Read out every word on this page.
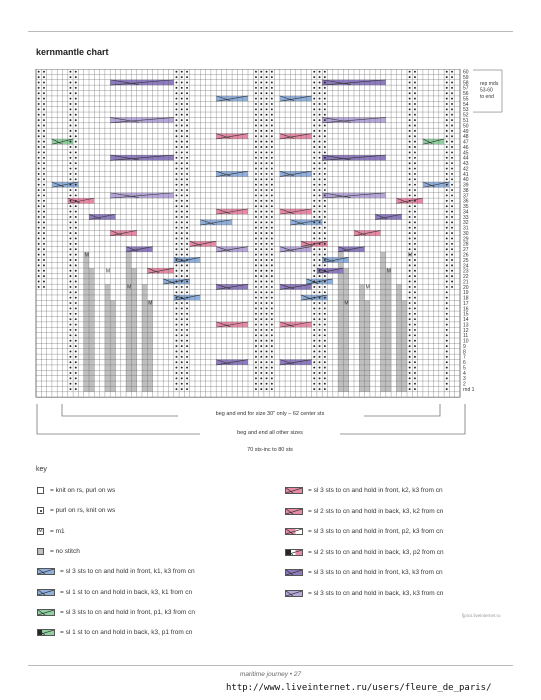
kernmantle chart
M	M
M	M
M	M
M	M
60
59
58
57
56
55
54
53
52
51
50
49
48
47
46
45
44
43
42
41
40
39
38
37
36
35
34
33
32
31
30
29
28
27
26
25
24
23
22
21
20
19
18
17
16
15
14
13
12
11
10
9
8
7
6
5
4
3
2
rnd 1
rep rnds
53-60
to end
beg and end for size 30" only – 62 center sts
beg and end all other sizes
70 sts-inc to 80 sts
key
= knit on rs, purl on ws
= purl on rs, knit on ws
M = m1
= no stitch
= sl 3 sts to cn and hold in front, k1, k3 from cn
= sl 1 st to cn and hold in back, k3, k1 from cn
= sl 3 sts to cn and hold in front, p1, k3 from cn
= sl 1 st to cn and hold in back, k3, p1 from cn
= sl 3 sts to cn and hold in front, k2, k3 from cn
= sl 2 sts to cn and hold in back, k3, k2 from cn
= sl 3 sts to cn and hold in front, p2, k3 from cn
= sl 2 sts to cn and hold in back, k3, p2 from cn
= sl 3 sts to cn and hold in front, k3, k3 from cn
= sl 3 sts to cn and hold in back, k3, k3 from cn
maritime journey • 27
http://www.liveinternet.ru/users/fleure_de_paris/
fjpics.liveinternet.ru
